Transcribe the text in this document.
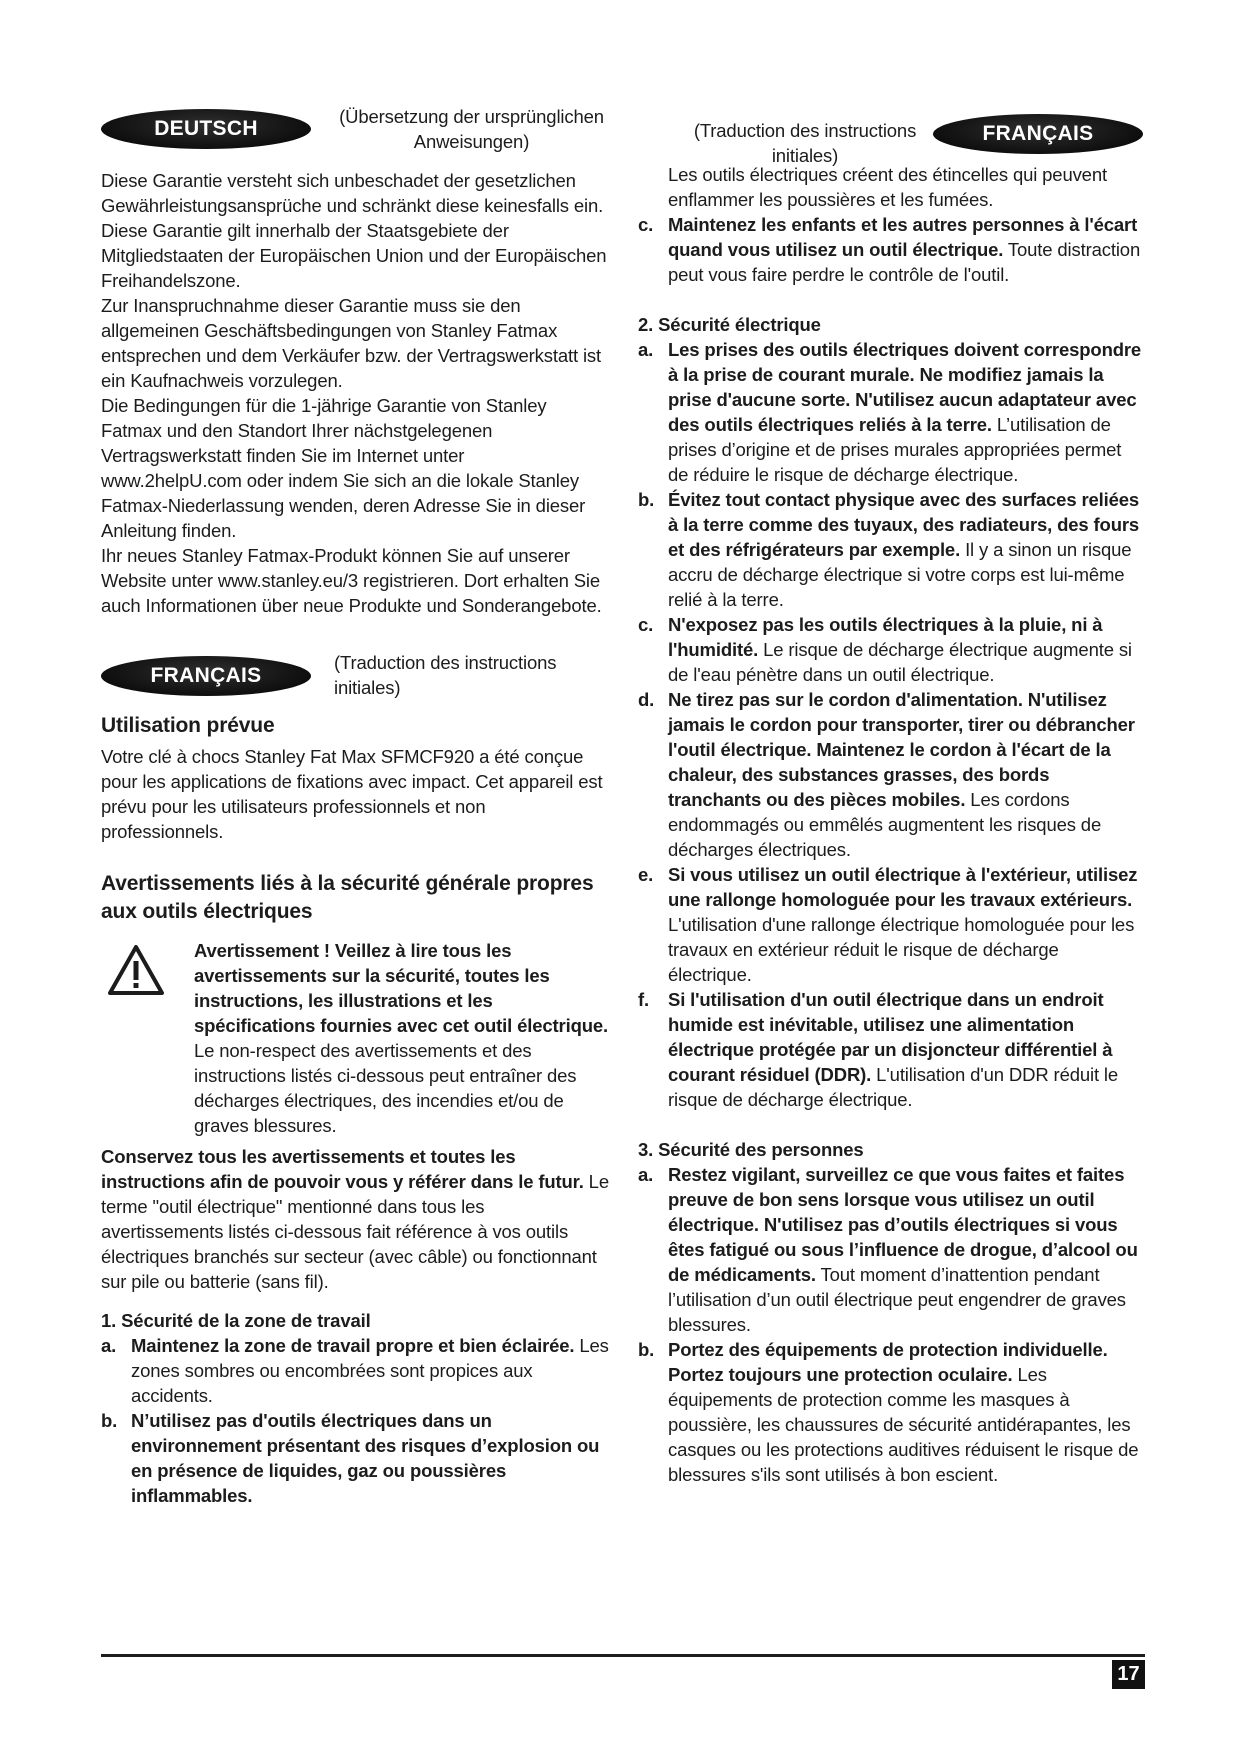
DEUTSCH
(Übersetzung der ursprünglichen Anweisungen)

Diese Garantie versteht sich unbeschadet der gesetzlichen Gewährleistungsansprüche und schränkt diese keinesfalls ein. Diese Garantie gilt innerhalb der Staatsgebiete der Mitgliedstaaten der Europäischen Union und der Europäischen Freihandelszone.

Zur Inanspruchnahme dieser Garantie muss sie den allgemeinen Geschäftsbedingungen von Stanley Fatmax entsprechen und dem Verkäufer bzw. der Vertragswerkstatt ist ein Kaufnachweis vorzulegen.

Die Bedingungen für die 1-jährige Garantie von Stanley Fatmax und den Standort Ihrer nächstgelegenen Vertragswerkstatt finden Sie im Internet unter www.2helpU.com oder indem Sie sich an die lokale Stanley Fatmax-Niederlassung wenden, deren Adresse Sie in dieser Anleitung finden.

Ihr neues Stanley Fatmax-Produkt können Sie auf unserer Website unter www.stanley.eu/3 registrieren. Dort erhalten Sie auch Informationen über neue Produkte und Sonderangebote.

FRANÇAIS
(Traduction des instructions initiales)
Utilisation prévue

Votre clé à chocs Stanley Fat Max SFMCF920 a été conçue pour les applications de fixations avec impact. Cet appareil est prévu pour les utilisateurs professionnels et non professionnels.

Avertissements liés à la sécurité générale propres aux outils électriques

Avertissement ! Veillez à lire tous les avertissements sur la sécurité, toutes les instructions, les illustrations et les spécifications fournies avec cet outil électrique. Le non-respect des avertissements et des instructions listés ci-dessous peut entraîner des décharges électriques, des incendies et/ou de graves blessures.

Conservez tous les avertissements et toutes les instructions afin de pouvoir vous y référer dans le futur. Le terme "outil électrique" mentionné dans tous les avertissements listés ci-dessous fait référence à vos outils électriques branchés sur secteur (avec câble) ou fonctionnant sur pile ou batterie (sans fil).

1. Sécurité de la zone de travail

a. Maintenez la zone de travail propre et bien éclairée. Les zones sombres ou encombrées sont propices aux accidents.
b. N’utilisez pas d'outils électriques dans un environnement présentant des risques d’explosion ou en présence de liquides, gaz ou poussières inflammables.
(Traduction des instructions initiales)
FRANÇAIS

Les outils électriques créent des étincelles qui peuvent enflammer les poussières et les fumées.

c. Maintenez les enfants et les autres personnes à l'écart quand vous utilisez un outil électrique. Toute distraction peut vous faire perdre le contrôle de l'outil.

2. Sécurité électrique

a. Les prises des outils électriques doivent correspondre à la prise de courant murale. Ne modifiez jamais la prise d'aucune sorte. N'utilisez aucun adaptateur avec des outils électriques reliés à la terre. L’utilisation de prises d’origine et de prises murales appropriées permet de réduire le risque de décharge électrique.
b. Évitez tout contact physique avec des surfaces reliées à la terre comme des tuyaux, des radiateurs, des fours et des réfrigérateurs par exemple. Il y a sinon un risque accru de décharge électrique si votre corps est lui-même relié à la terre.
c. N'exposez pas les outils électriques à la pluie, ni à l'humidité. Le risque de décharge électrique augmente si de l'eau pénètre dans un outil électrique.
d. Ne tirez pas sur le cordon d'alimentation. N'utilisez jamais le cordon pour transporter, tirer ou débrancher l'outil électrique. Maintenez le cordon à l'écart de la chaleur, des substances grasses, des bords tranchants ou des pièces mobiles. Les cordons endommagés ou emmêlés augmentent les risques de décharges électriques.
e. Si vous utilisez un outil électrique à l'extérieur, utilisez une rallonge homologuée pour les travaux extérieurs. L'utilisation d'une rallonge électrique homologuée pour les travaux en extérieur réduit le risque de décharge électrique.
f. Si l'utilisation d'un outil électrique dans un endroit humide est inévitable, utilisez une alimentation électrique protégée par un disjoncteur différentiel à courant résiduel (DDR). L'utilisation d'un DDR réduit le risque de décharge électrique.

3. Sécurité des personnes

a. Restez vigilant, surveillez ce que vous faites et faites preuve de bon sens lorsque vous utilisez un outil électrique. N'utilisez pas d’outils électriques si vous êtes fatigué ou sous l’influence de drogue, d’alcool ou de médicaments. Tout moment d’inattention pendant l’utilisation d’un outil électrique peut engendrer de graves blessures.
b. Portez des équipements de protection individuelle. Portez toujours une protection oculaire. Les équipements de protection comme les masques à poussière, les chaussures de sécurité antidérapantes, les casques ou les protections auditives réduisent le risque de blessures s'ils sont utilisés à bon escient.
17
